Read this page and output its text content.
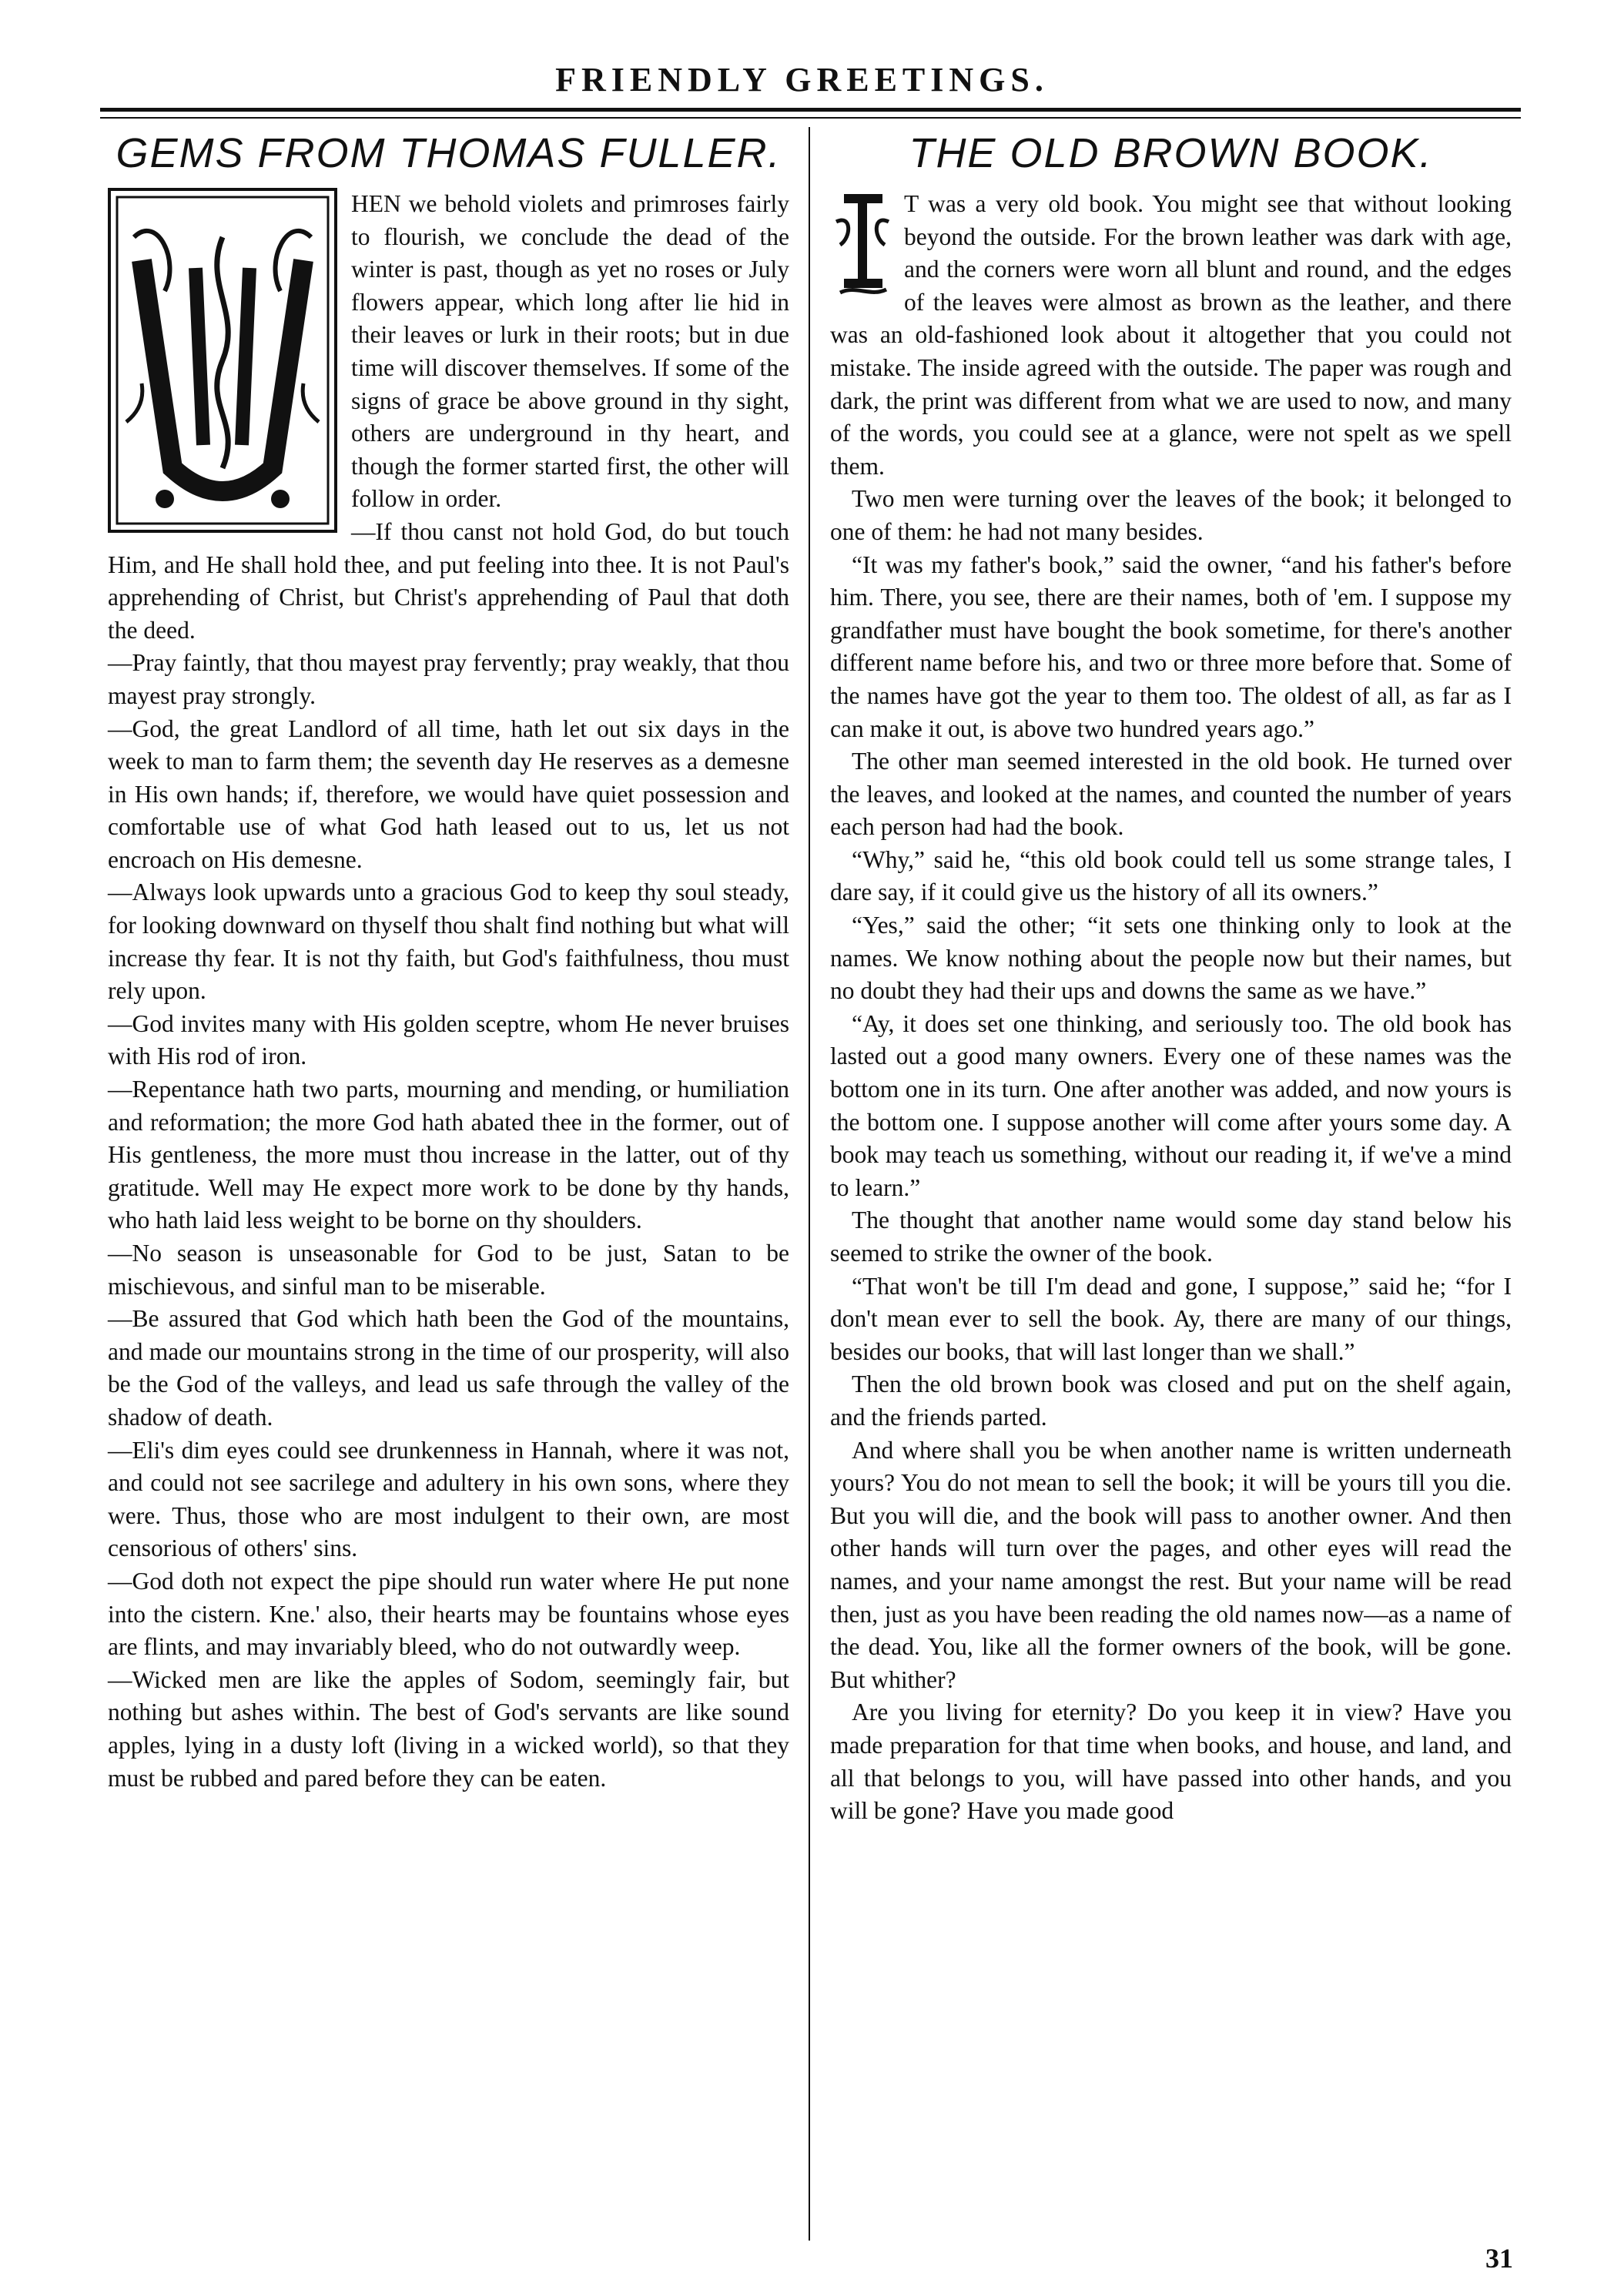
FRIENDLY GREETINGS.
GEMS FROM THOMAS FULLER.

HEN we behold violets and primroses fairly to flourish, we conclude the dead of the winter is past, though as yet no roses or July flowers appear, which long after lie hid in their leaves or lurk in their roots; but in due time will discover themselves. If some of the signs of grace be above ground in thy sight, others are underground in thy heart, and though the former started first, the other will follow in order.

—If thou canst not hold God, do but touch Him, and He shall hold thee, and put feeling into thee. It is not Paul's apprehending of Christ, but Christ's apprehending of Paul that doth the deed.

—Pray faintly, that thou mayest pray fervently; pray weakly, that thou mayest pray strongly.

—God, the great Landlord of all time, hath let out six days in the week to man to farm them; the seventh day He reserves as a demesne in His own hands; if, therefore, we would have quiet possession and comfortable use of what God hath leased out to us, let us not encroach on His demesne.

—Always look upwards unto a gracious God to keep thy soul steady, for looking downward on thyself thou shalt find nothing but what will increase thy fear. It is not thy faith, but God's faithfulness, thou must rely upon.

—God invites many with His golden sceptre, whom He never bruises with His rod of iron.

—Repentance hath two parts, mourning and mending, or humiliation and reformation; the more God hath abated thee in the former, out of His gentleness, the more must thou increase in the latter, out of thy gratitude. Well may He expect more work to be done by thy hands, who hath laid less weight to be borne on thy shoulders.

—No season is unseasonable for God to be just, Satan to be mischievous, and sinful man to be miserable.

—Be assured that God which hath been the God of the mountains, and made our mountains strong in the time of our prosperity, will also be the God of the valleys, and lead us safe through the valley of the shadow of death.

—Eli's dim eyes could see drunkenness in Hannah, where it was not, and could not see sacrilege and adultery in his own sons, where they were. Thus, those who are most indulgent to their own, are most censorious of others' sins.

—God doth not expect the pipe should run water where He put none into the cistern. Kne.' also, their hearts may be fountains whose eyes are flints, and may invariably bleed, who do not outwardly weep.

—Wicked men are like the apples of Sodom, seemingly fair, but nothing but ashes within. The best of God's servants are like sound apples, lying in a dusty loft (living in a wicked world), so that they must be rubbed and pared before they can be eaten.

THE OLD BROWN BOOK.

T was a very old book. You might see that without looking beyond the outside. For the brown leather was dark with age, and the corners were worn all blunt and round, and the edges of the leaves were almost as brown as the leather, and there was an old-fashioned look about it altogether that you could not mistake. The inside agreed with the outside. The paper was rough and dark, the print was different from what we are used to now, and many of the words, you could see at a glance, were not spelt as we spell them.

Two men were turning over the leaves of the book; it belonged to one of them: he had not many besides.

“It was my father's book,” said the owner, “and his father's before him. There, you see, there are their names, both of 'em. I suppose my grandfather must have bought the book sometime, for there's another different name before his, and two or three more before that. Some of the names have got the year to them too. The oldest of all, as far as I can make it out, is above two hundred years ago.”

The other man seemed interested in the old book. He turned over the leaves, and looked at the names, and counted the number of years each person had had the book.

“Why,” said he, “this old book could tell us some strange tales, I dare say, if it could give us the history of all its owners.”

“Yes,” said the other; “it sets one thinking only to look at the names. We know nothing about the people now but their names, but no doubt they had their ups and downs the same as we have.”

“Ay, it does set one thinking, and seriously too. The old book has lasted out a good many owners. Every one of these names was the bottom one in its turn. One after another was added, and now yours is the bottom one. I suppose another will come after yours some day. A book may teach us something, without our reading it, if we've a mind to learn.”

The thought that another name would some day stand below his seemed to strike the owner of the book.

“That won't be till I'm dead and gone, I suppose,” said he; “for I don't mean ever to sell the book. Ay, there are many of our things, besides our books, that will last longer than we shall.”

Then the old brown book was closed and put on the shelf again, and the friends parted.

And where shall you be when another name is written underneath yours? You do not mean to sell the book; it will be yours till you die. But you will die, and the book will pass to another owner. And then other hands will turn over the pages, and other eyes will read the names, and your name amongst the rest. But your name will be read then, just as you have been reading the old names now—as a name of the dead. You, like all the former owners of the book, will be gone. But whither?

Are you living for eternity? Do you keep it in view? Have you made preparation for that time when books, and house, and land, and all that belongs to you, will have passed into other hands, and you will be gone? Have you made good

31
